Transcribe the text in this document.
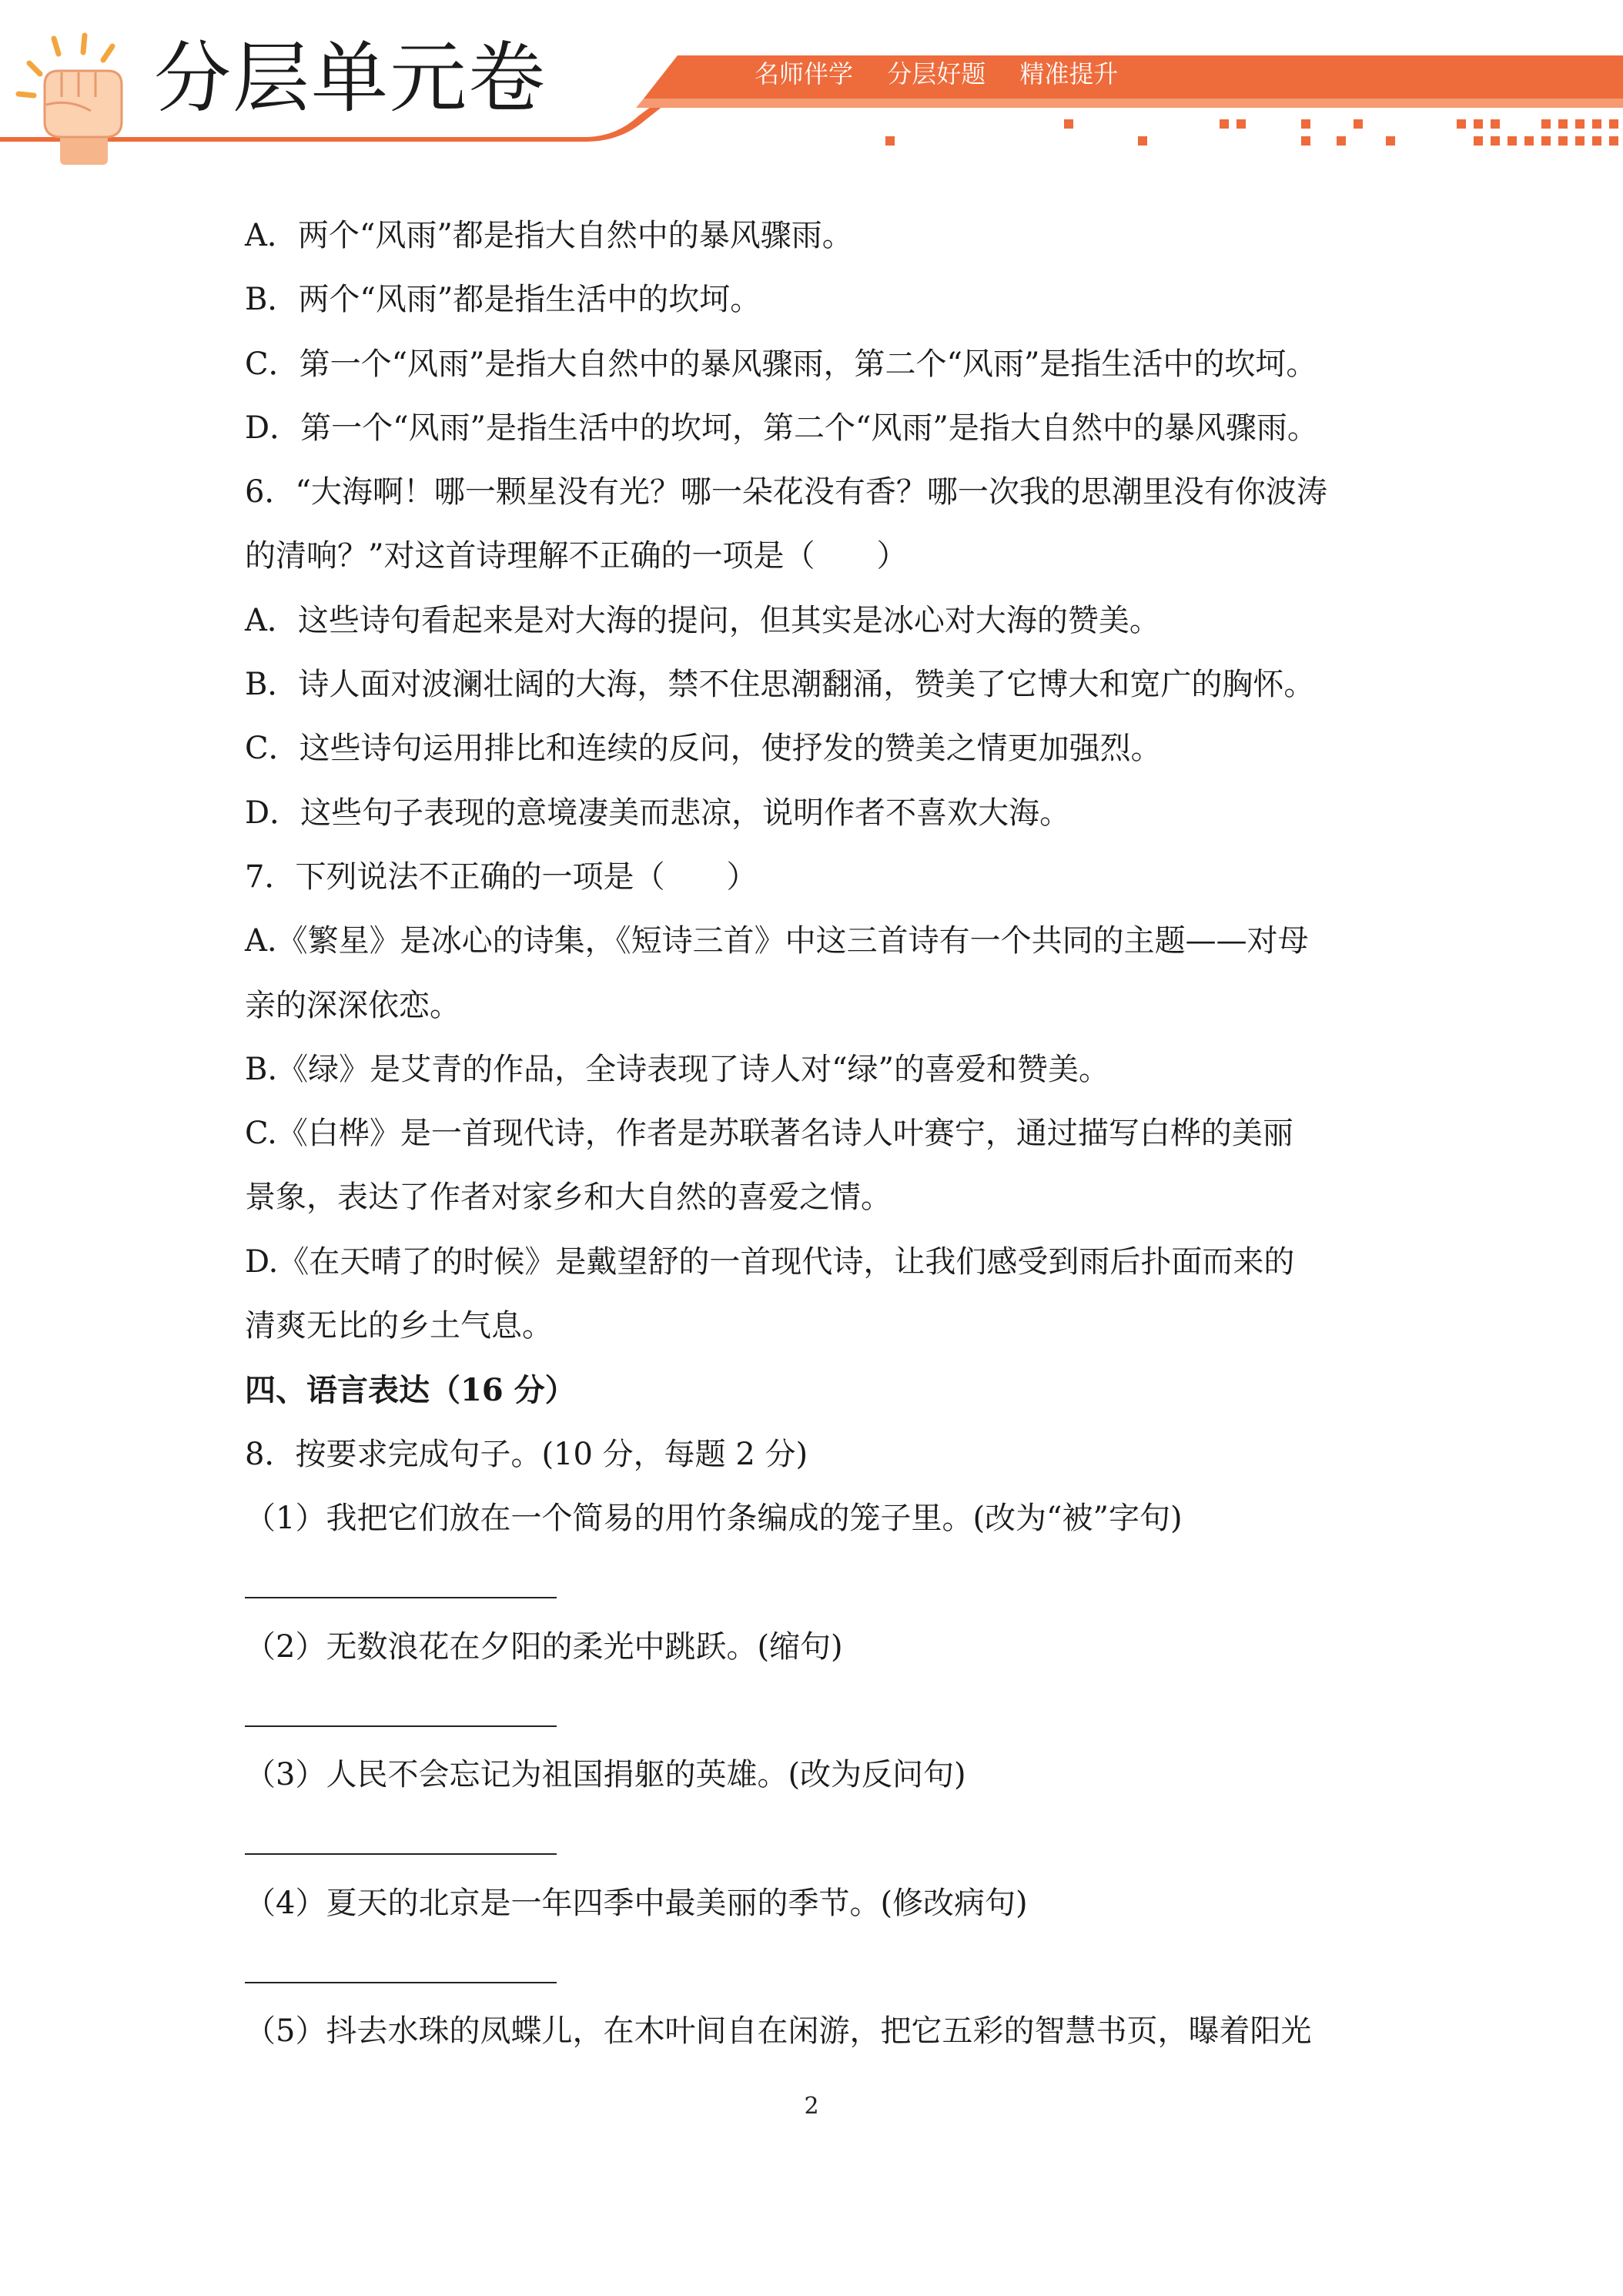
分层单元卷	名师伴学 分层好题 精准提升
A．两个“风雨”都是指大自然中的暴风骤雨。
B．两个“风雨”都是指生活中的坎坷。
C．第一个“风雨”是指大自然中的暴风骤雨，第二个“风雨”是指生活中的坎坷。
D．第一个“风雨”是指生活中的坎坷，第二个“风雨”是指大自然中的暴风骤雨。
6．“大海啊！哪一颗星没有光？哪一朵花没有香？哪一次我的思潮里没有你波涛
的清响？”对这首诗理解不正确的一项是（　　）
A．这些诗句看起来是对大海的提问，但其实是冰心对大海的赞美。
B．诗人面对波澜壮阔的大海，禁不住思潮翻涌，赞美了它博大和宽广的胸怀。
C．这些诗句运用排比和连续的反问，使抒发的赞美之情更加强烈。
D．这些句子表现的意境凄美而悲凉，说明作者不喜欢大海。
7．下列说法不正确的一项是（　　）
A.《繁星》是冰心的诗集，《短诗三首》中这三首诗有一个共同的主题——对母
亲的深深依恋。
B.《绿》是艾青的作品，全诗表现了诗人对“绿”的喜爱和赞美。
C.《白桦》是一首现代诗，作者是苏联著名诗人叶赛宁，通过描写白桦的美丽
景象，表达了作者对家乡和大自然的喜爱之情。
D.《在天晴了的时候》是戴望舒的一首现代诗，让我们感受到雨后扑面而来的
清爽无比的乡土气息。
四、语言表达（16 分）
8．按要求完成句子。(10 分，每题 2 分)
（1）我把它们放在一个简易的用竹条编成的笼子里。(改为“被”字句)
（2）无数浪花在夕阳的柔光中跳跃。(缩句)
（3）人民不会忘记为祖国捐躯的英雄。(改为反问句)
（4）夏天的北京是一年四季中最美丽的季节。(修改病句)
（5）抖去水珠的凤蝶儿，在木叶间自在闲游，把它五彩的智慧书页，曝着阳光
2
